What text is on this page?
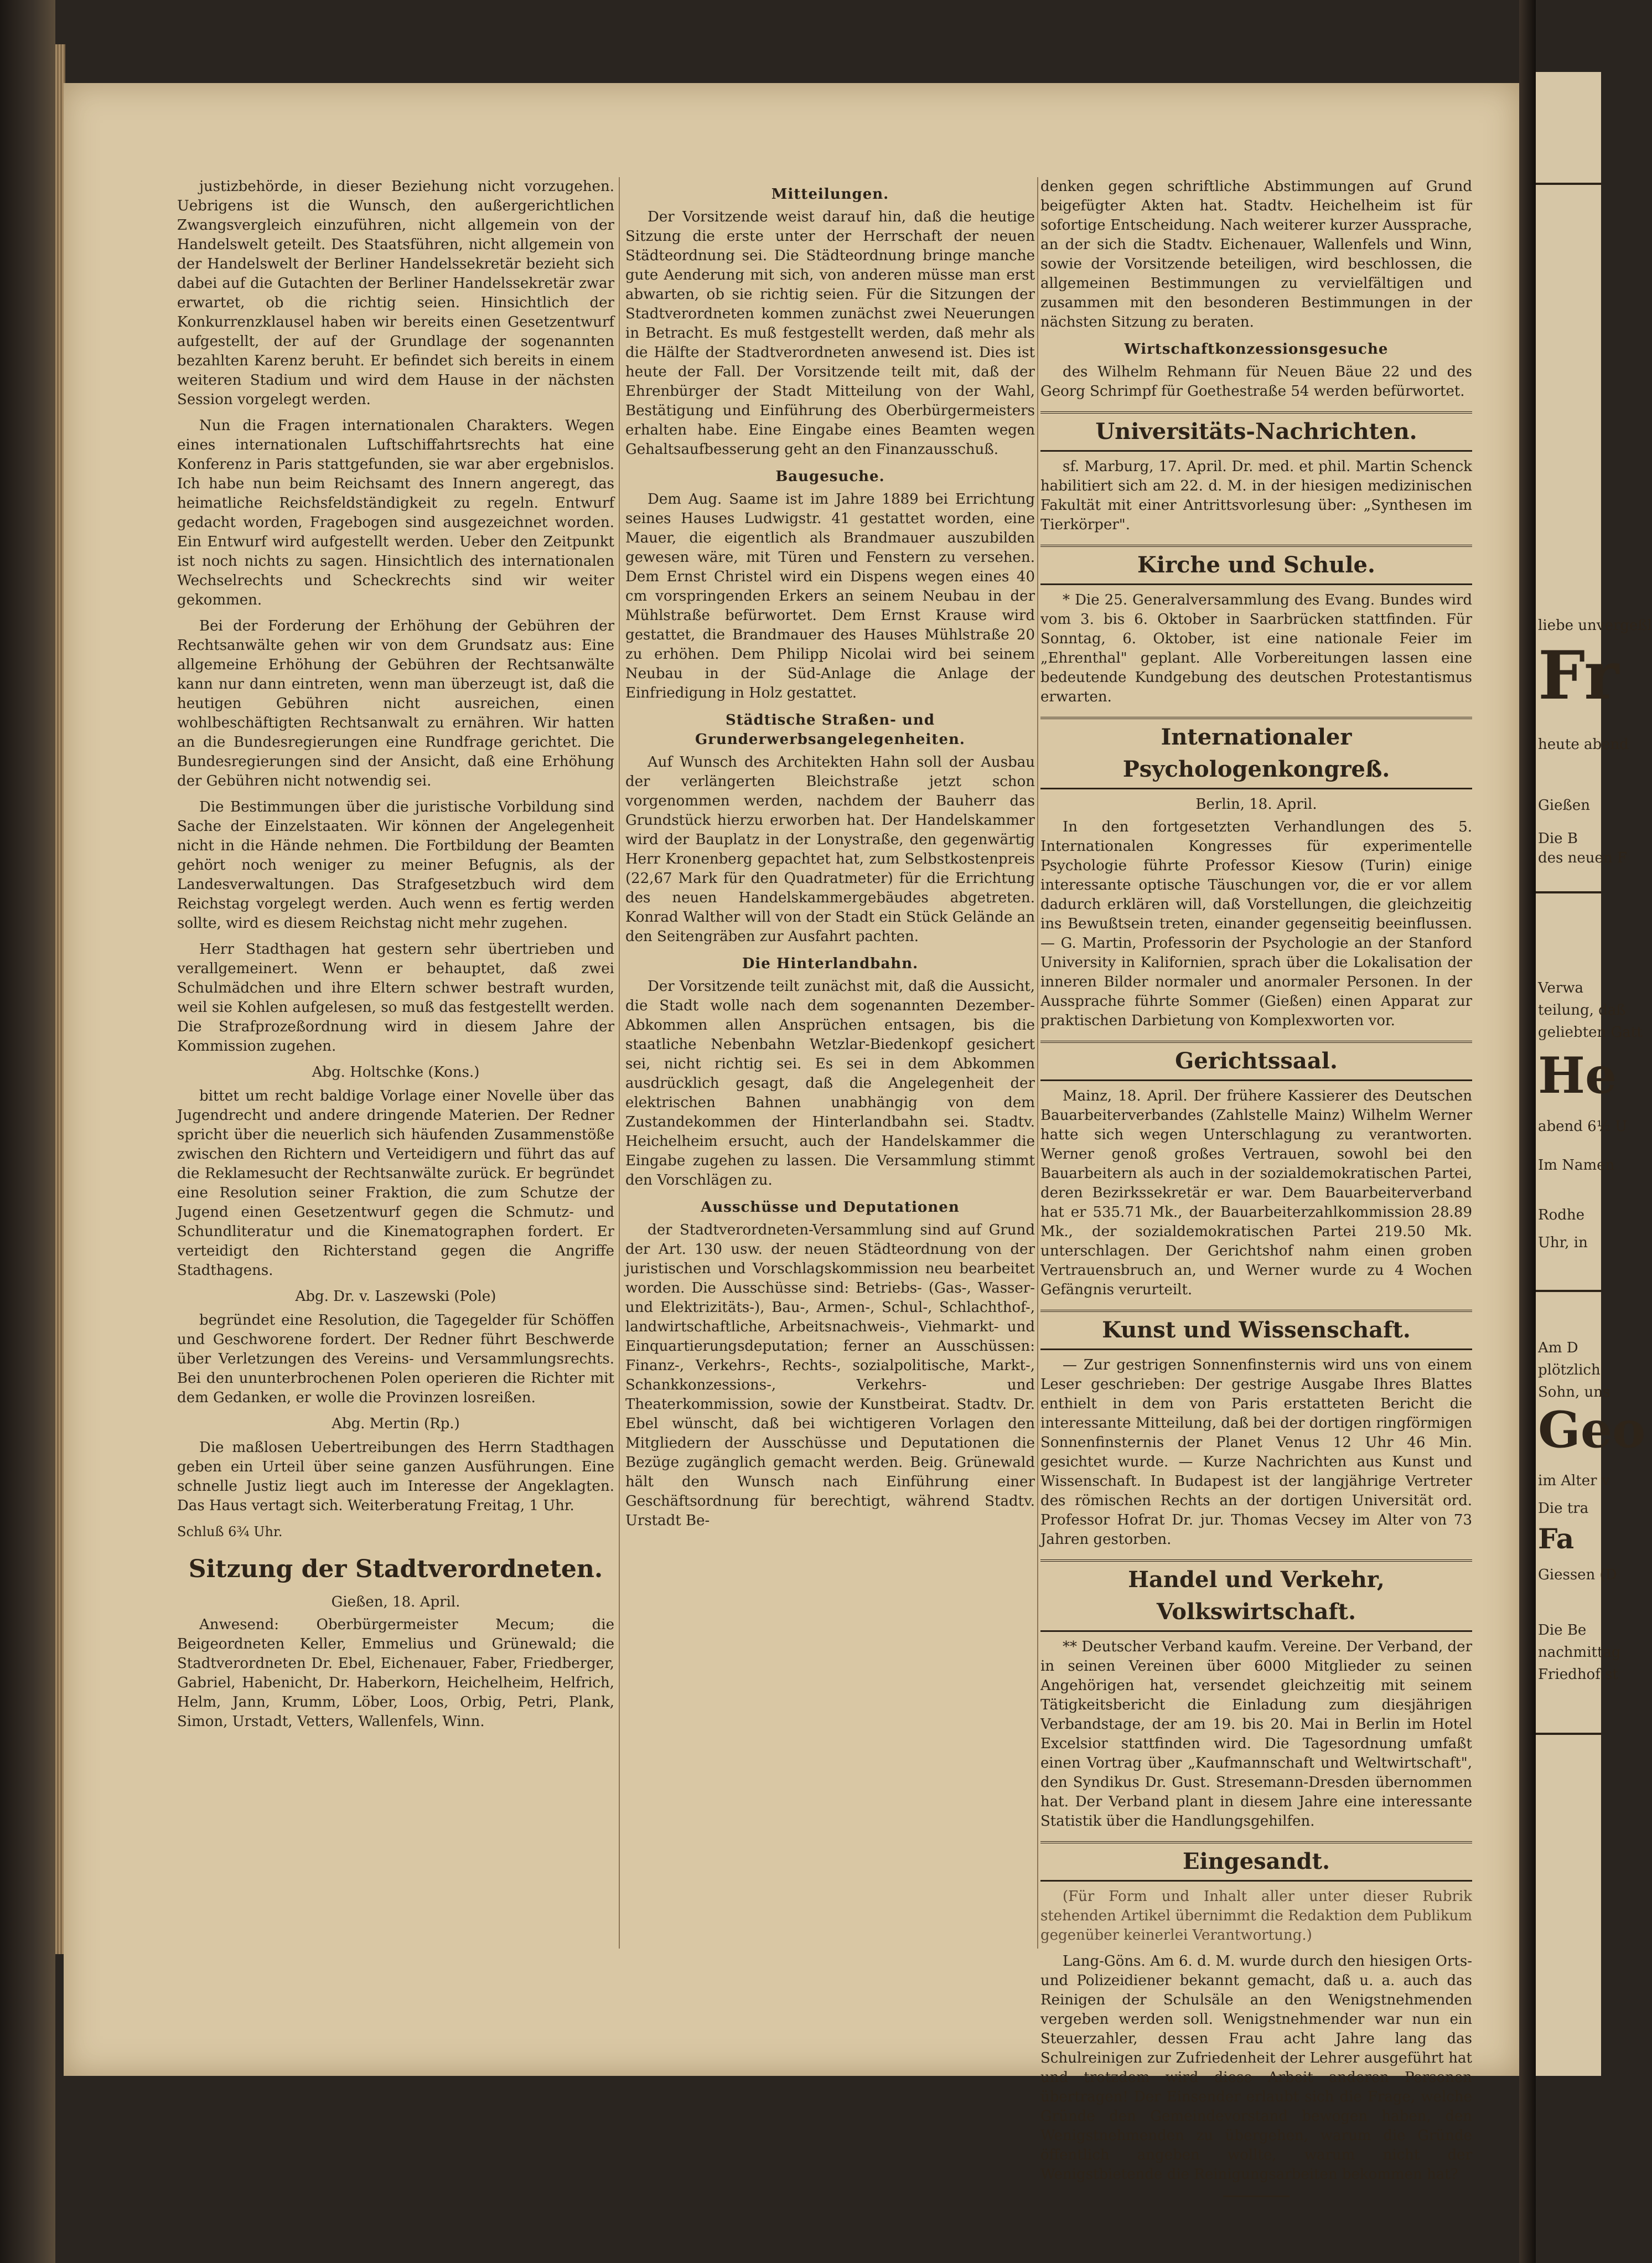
justizbehörde, in dieser Beziehung nicht vorzugehen. Uebrigens ist die Wunsch, den außergerichtlichen Zwangsvergleich einzuführen, nicht allgemein von der Handelswelt geteilt. Des Staatsführen, nicht allgemein von der Handelswelt der Berliner Handelssekretär bezieht sich dabei auf die Gutachten der Berliner Handelssekretär zwar erwartet, ob die richtig seien. Hinsichtlich der Konkurrenzklausel haben wir bereits einen Gesetzentwurf aufgestellt, der auf der Grundlage der sogenannten bezahlten Karenz beruht. Er befindet sich bereits in einem weiteren Stadium und wird dem Hause in der nächsten Session vorgelegt werden.

Nun die Fragen internationalen Charakters. Wegen eines internationalen Luftschiffahrtsrechts hat eine Konferenz in Paris stattgefunden, sie war aber ergebnislos. Ich habe nun beim Reichsamt des Innern angeregt, das heimatliche Reichsfeldständigkeit zu regeln. Entwurf gedacht worden, Fragebogen sind ausgezeichnet worden. Ein Entwurf wird aufgestellt werden. Ueber den Zeitpunkt ist noch nichts zu sagen. Hinsichtlich des internationalen Wechselrechts und Scheckrechts sind wir weiter gekommen.

Bei der Forderung der Erhöhung der Gebühren der Rechtsanwälte gehen wir von dem Grundsatz aus: Eine allgemeine Erhöhung der Gebühren der Rechtsanwälte kann nur dann eintreten, wenn man überzeugt ist, daß die heutigen Gebühren nicht ausreichen, einen wohlbeschäftigten Rechtsanwalt zu ernähren. Wir hatten an die Bundesregierungen eine Rundfrage gerichtet. Die Bundesregierungen sind der Ansicht, daß eine Erhöhung der Gebühren nicht notwendig sei.

Die Bestimmungen über die juristische Vorbildung sind Sache der Einzelstaaten. Wir können der Angelegenheit nicht in die Hände nehmen. Die Fortbildung der Beamten gehört noch weniger zu meiner Befugnis, als der Landesverwaltungen. Das Strafgesetzbuch wird dem Reichstag vorgelegt werden. Auch wenn es fertig werden sollte, wird es diesem Reichstag nicht mehr zugehen.

Herr Stadthagen hat gestern sehr übertrieben und verallgemeinert. Wenn er behauptet, daß zwei Schulmädchen und ihre Eltern schwer bestraft wurden, weil sie Kohlen aufgelesen, so muß das festgestellt werden. Die Strafprozeßordnung wird in diesem Jahre der Kommission zugehen.

Abg. Holtschke (Kons.)

bittet um recht baldige Vorlage einer Novelle über das Jugendrecht und andere dringende Materien. Der Redner spricht über die neuerlich sich häufenden Zusammenstöße zwischen den Richtern und Verteidigern und führt das auf die Reklamesucht der Rechtsanwälte zurück. Er begründet eine Resolution seiner Fraktion, die zum Schutze der Jugend einen Gesetzentwurf gegen die Schmutz- und Schundliteratur und die Kinematographen fordert. Er verteidigt den Richterstand gegen die Angriffe Stadthagens.

Abg. Dr. v. Laszewski (Pole)

begründet eine Resolution, die Tagegelder für Schöffen und Geschworene fordert. Der Redner führt Beschwerde über Verletzungen des Vereins- und Versammlungsrechts. Bei den ununterbrochenen Polen operieren die Richter mit dem Gedanken, er wolle die Provinzen losreißen.

Abg. Mertin (Rp.)

Die maßlosen Uebertreibungen des Herrn Stadthagen geben ein Urteil über seine ganzen Ausführungen. Eine schnelle Justiz liegt auch im Interesse der Angeklagten. Das Haus vertagt sich. Weiterberatung Freitag, 1 Uhr.

Schluß 6¾ Uhr.
Sitzung der Stadtverordneten.
Gießen, 18. April.

Anwesend: Oberbürgermeister Mecum; die Beigeordneten Keller, Emmelius und Grünewald; die Stadtverordneten Dr. Ebel, Eichenauer, Faber, Friedberger, Gabriel, Habenicht, Dr. Haberkorn, Heichelheim, Helfrich, Helm, Jann, Krumm, Löber, Loos, Orbig, Petri, Plank, Simon, Urstadt, Vetters, Wallenfels, Winn.

Mitteilungen.

Der Vorsitzende weist darauf hin, daß die heutige Sitzung die erste unter der Herrschaft der neuen Städteordnung sei. Die Städteordnung bringe manche gute Aenderung mit sich, von anderen müsse man erst abwarten, ob sie richtig seien. Für die Sitzungen der Stadtverordneten kommen zunächst zwei Neuerungen in Betracht. Es muß festgestellt werden, daß mehr als die Hälfte der Stadtverordneten anwesend ist. Dies ist heute der Fall. Der Vorsitzende teilt mit, daß der Ehrenbürger der Stadt Mitteilung von der Wahl, Bestätigung und Einführung des Oberbürgermeisters erhalten habe. Eine Eingabe eines Beamten wegen Gehaltsaufbesserung geht an den Finanzausschuß.

Baugesuche.

Dem Aug. Saame ist im Jahre 1889 bei Errichtung seines Hauses Ludwigstr. 41 gestattet worden, eine Mauer, die eigentlich als Brandmauer auszubilden gewesen wäre, mit Türen und Fenstern zu versehen. Dem Ernst Christel wird ein Dispens wegen eines 40 cm vorspringenden Erkers an seinem Neubau in der Mühlstraße befürwortet. Dem Ernst Krause wird gestattet, die Brandmauer des Hauses Mühlstraße 20 zu erhöhen. Dem Philipp Nicolai wird bei seinem Neubau in der Süd-Anlage die Anlage der Einfriedigung in Holz gestattet.

Städtische Straßen- und Grunderwerbsangelegenheiten.

Auf Wunsch des Architekten Hahn soll der Ausbau der verlängerten Bleichstraße jetzt schon vorgenommen werden, nachdem der Bauherr das Grundstück hierzu erworben hat. Der Handelskammer wird der Bauplatz in der Lonystraße, den gegenwärtig Herr Kronenberg gepachtet hat, zum Selbstkostenpreis (22,67 Mark für den Quadratmeter) für die Errichtung des neuen Handelskammergebäudes abgetreten. Konrad Walther will von der Stadt ein Stück Gelände an den Seitengräben zur Ausfahrt pachten.

Die Hinterlandbahn.

Der Vorsitzende teilt zunächst mit, daß die Aussicht, die Stadt wolle nach dem sogenannten Dezember-Abkommen allen Ansprüchen entsagen, bis die staatliche Nebenbahn Wetzlar-Biedenkopf gesichert sei, nicht richtig sei. Es sei in dem Abkommen ausdrücklich gesagt, daß die Angelegenheit der elektrischen Bahnen unabhängig von dem Zustandekommen der Hinterlandbahn sei. Stadtv. Heichelheim ersucht, auch der Handelskammer die Eingabe zugehen zu lassen. Die Versammlung stimmt den Vorschlägen zu.

Ausschüsse und Deputationen

der Stadtverordneten-Versammlung sind auf Grund der Art. 130 usw. der neuen Städteordnung von der juristischen und Vorschlagskommission neu bearbeitet worden. Die Ausschüsse sind: Betriebs- (Gas-, Wasser- und Elektrizitäts-), Bau-, Armen-, Schul-, Schlachthof-, landwirtschaftliche, Arbeitsnachweis-, Viehmarkt- und Einquartierungsdeputation; ferner an Ausschüssen: Finanz-, Verkehrs-, Rechts-, sozialpolitische, Markt-, Schankkonzessions-, Verkehrs- und Theaterkommission, sowie der Kunstbeirat. Stadtv. Dr. Ebel wünscht, daß bei wichtigeren Vorlagen den Mitgliedern der Ausschüsse und Deputationen die Bezüge zugänglich gemacht werden. Beig. Grünewald hält den Wunsch nach Einführung einer Geschäftsordnung für berechtigt, während Stadtv. Urstadt Be-

denken gegen schriftliche Abstimmungen auf Grund beigefügter Akten hat. Stadtv. Heichelheim ist für sofortige Entscheidung. Nach weiterer kurzer Aussprache, an der sich die Stadtv. Eichenauer, Wallenfels und Winn, sowie der Vorsitzende beteiligen, wird beschlossen, die allgemeinen Bestimmungen zu vervielfältigen und zusammen mit den besonderen Bestimmungen in der nächsten Sitzung zu beraten.

Wirtschaftkonzessionsgesuche

des Wilhelm Rehmann für Neuen Bäue 22 und des Georg Schrimpf für Goethestraße 54 werden befürwortet.

Universitäts-Nachrichten.

sf. Marburg, 17. April. Dr. med. et phil. Martin Schenck habilitiert sich am 22. d. M. in der hiesigen medizinischen Fakultät mit einer Antrittsvorlesung über: „Synthesen im Tierkörper".

Kirche und Schule.

* Die 25. Generalversammlung des Evang. Bundes wird vom 3. bis 6. Oktober in Saarbrücken stattfinden. Für Sonntag, 6. Oktober, ist eine nationale Feier im „Ehrenthal" geplant. Alle Vorbereitungen lassen eine bedeutende Kundgebung des deutschen Protestantismus erwarten.

Internationaler Psychologenkongreß.
Berlin, 18. April.

In den fortgesetzten Verhandlungen des 5. Internationalen Kongresses für experimentelle Psychologie führte Professor Kiesow (Turin) einige interessante optische Täuschungen vor, die er vor allem dadurch erklären will, daß Vorstellungen, die gleichzeitig ins Bewußtsein treten, einander gegenseitig beeinflussen. — G. Martin, Professorin der Psychologie an der Stanford University in Kalifornien, sprach über die Lokalisation der inneren Bilder normaler und anormaler Personen. In der Aussprache führte Sommer (Gießen) einen Apparat zur praktischen Darbietung von Komplexworten vor.

Gerichtssaal.

Mainz, 18. April. Der frühere Kassierer des Deutschen Bauarbeiterverbandes (Zahlstelle Mainz) Wilhelm Werner hatte sich wegen Unterschlagung zu verantworten. Werner genoß großes Vertrauen, sowohl bei den Bauarbeitern als auch in der sozialdemokratischen Partei, deren Bezirkssekretär er war. Dem Bauarbeiterverband hat er 535.71 Mk., der Bauarbeiterzahlkommission 28.89 Mk., der sozialdemokratischen Partei 219.50 Mk. unterschlagen. Der Gerichtshof nahm einen groben Vertrauensbruch an, und Werner wurde zu 4 Wochen Gefängnis verurteilt.

Kunst und Wissenschaft.

— Zur gestrigen Sonnenfinsternis wird uns von einem Leser geschrieben: Der gestrige Ausgabe Ihres Blattes enthielt in dem von Paris erstatteten Bericht die interessante Mitteilung, daß bei der dortigen ringförmigen Sonnenfinsternis der Planet Venus 12 Uhr 46 Min. gesichtet wurde. — Kurze Nachrichten aus Kunst und Wissenschaft. In Budapest ist der langjährige Vertreter des römischen Rechts an der dortigen Universität ord. Professor Hofrat Dr. jur. Thomas Vecsey im Alter von 73 Jahren gestorben.

Handel und Verkehr, Volkswirtschaft.

** Deutscher Verband kaufm. Vereine. Der Verband, der in seinen Vereinen über 6000 Mitglieder zu seinen Angehörigen hat, versendet gleichzeitig mit seinem Tätigkeitsbericht die Einladung zum diesjährigen Verbandstage, der am 19. bis 20. Mai in Berlin im Hotel Excelsior stattfinden wird. Die Tagesordnung umfaßt einen Vortrag über „Kaufmannschaft und Weltwirtschaft", den Syndikus Dr. Gust. Stresemann-Dresden übernommen hat. Der Verband plant in diesem Jahre eine interessante Statistik über die Handlungsgehilfen.

Eingesandt.

(Für Form und Inhalt aller unter dieser Rubrik stehenden Artikel übernimmt die Redaktion dem Publikum gegenüber keinerlei Verantwortung.)

Lang-Göns. Am 6. d. M. wurde durch den hiesigen Orts- und Polizeidiener bekannt gemacht, daß u. a. auch das Reinigen der Schulsäle an den Wenigstnehmenden vergeben werden soll. Wenigstnehmender war nun ein Steuerzahler, dessen Frau acht Jahre lang das Schulreinigen zur Zufriedenheit der Lehrer ausgeführt hat und trotzdem wird diese Arbeit anderen Personen übertragen! Der Einsender erlaubt sich die Frage, welche Gründe den Gemeindevorstand bewogen haben, den Wenigstnehmenden zu übergehen, warum die Gründe öffentlich angeben wollte, warum nicht der Wenigstbietende die Reinigungsarbeiten bekommen hat?

liebe unvergeßl
Fr
heute abend
Gießen
Die B
des neuen F
Verwa
teilung, daß
geliebten Gatt
He
abend 6½ U
Im Namen
Rodhe
Uhr, in
Am D
plötzlich
Sohn, uns
Geo
im Alter v
Die tra
Fa
Giessen (D
Die Be
nachmittag
Friedhof st
